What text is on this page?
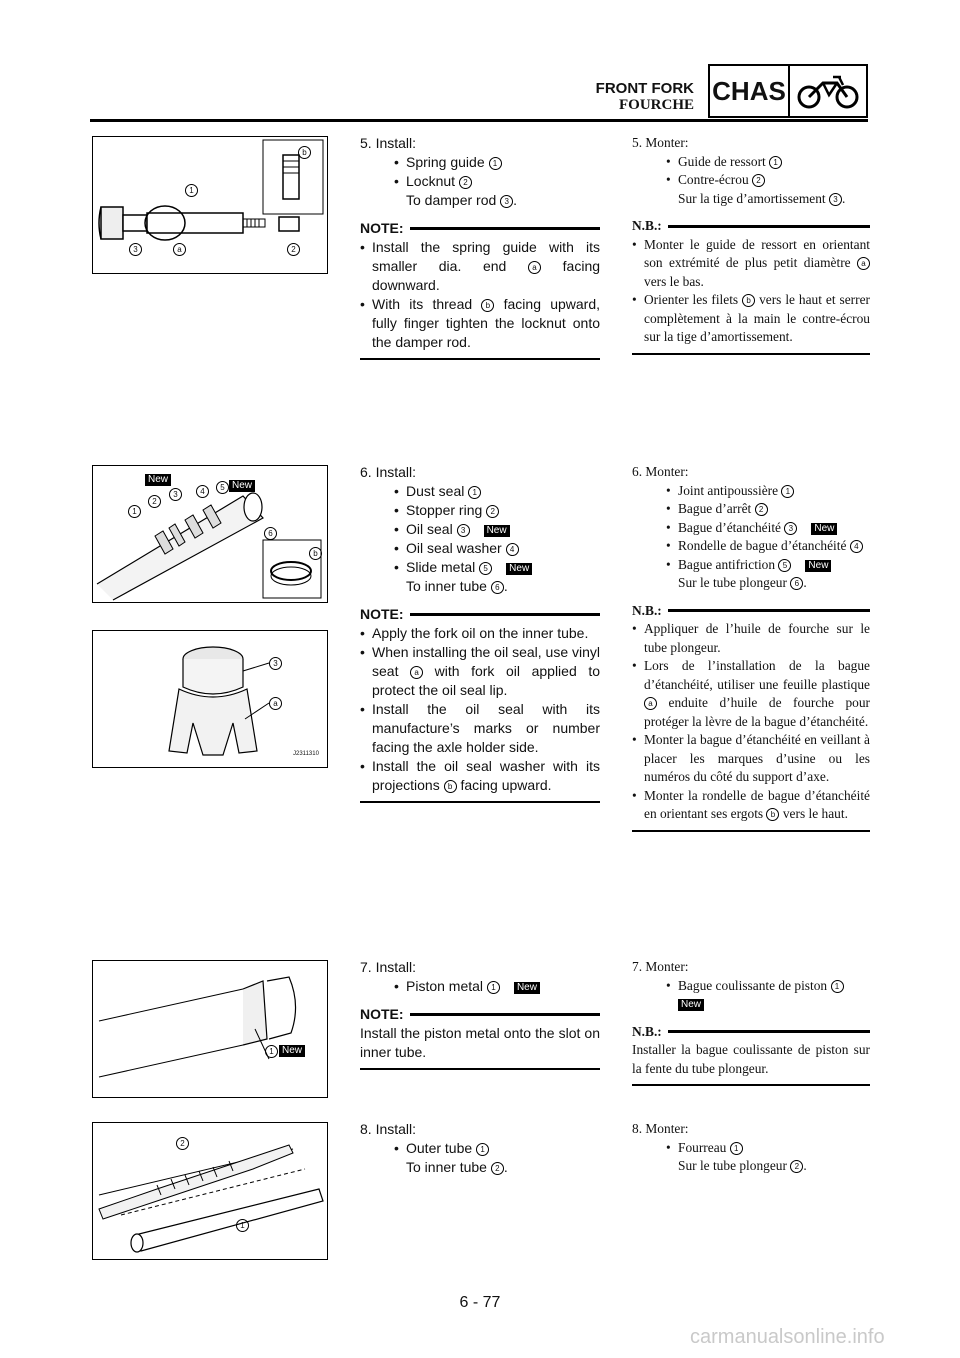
FRONT FORK
FOURCHE CHAS
b
1
3	a	2

5. Install:

• Spring guide 1

• Locknut 2

To damper rod 3 .

NOTE:

• Install the spring guide with its smaller dia. end	a facing downward.

• With its thread b facing upward, fully finger tighten the locknut onto the damper rod.

5. Monter:

• Guide de ressort 1

• Contre-écrou 2

Sur la tige d’amortissement 3 .

N.B.:

• Monter le guide de ressort en orientant son extrémité de plus petit diamètre a vers le bas.

• Orienter les filets b vers le haut et serrer complètement à la main le contre-écrou sur la tige d’amortissement.

New
New
5
4
3
2
1
6
b
3
a
J2311310

6. Install:

• Dust seal 1

• Stopper ring 2

• Oil seal 3 New

• Oil seal washer 4

• Slide metal 5 New

To inner tube 6 .

NOTE:

• Apply the fork oil on the inner tube.

• When installing the oil seal, use vinyl seat a with fork oil applied to protect the oil seal lip.

• Install the oil seal with its manufacture’s marks or number facing the axle holder side.

• Install the oil seal washer with its projections b facing upward.

6. Monter:

• Joint antipoussière 1

• Bague d’arrêt 2

• Bague d’étanchéité 3 New

• Rondelle de bague d’étanchéité 4

• Bague antifriction 5 New

Sur le tube plongeur 6 .

N.B.:

• Appliquer de l’huile de fourche sur le tube plongeur.

• Lors de l’installation de la bague d’étanchéité, utiliser une feuille plastique a enduite d’huile de fourche pour protéger la lèvre de la bague d’étanchéité.

• Monter la bague d’étanchéité en veillant à placer les marques d’usine ou les numéros du côté du support d’axe.

• Monter la rondelle de bague d’étanchéité en orientant ses ergots b vers le haut.

1 New

7. Install:

• Piston metal 1 New

NOTE:

Install the piston metal onto the slot on inner tube.

7. Monter:

• Bague coulissante de piston 1

New

N.B.:

Installer la bague coulissante de piston sur la fente du tube plongeur.

2
1

8. Install:

• Outer tube 1

To inner tube 2 .

8. Monter:

• Fourreau 1

Sur le tube plongeur 2 .

6 - 77
carmanualsonline.info
